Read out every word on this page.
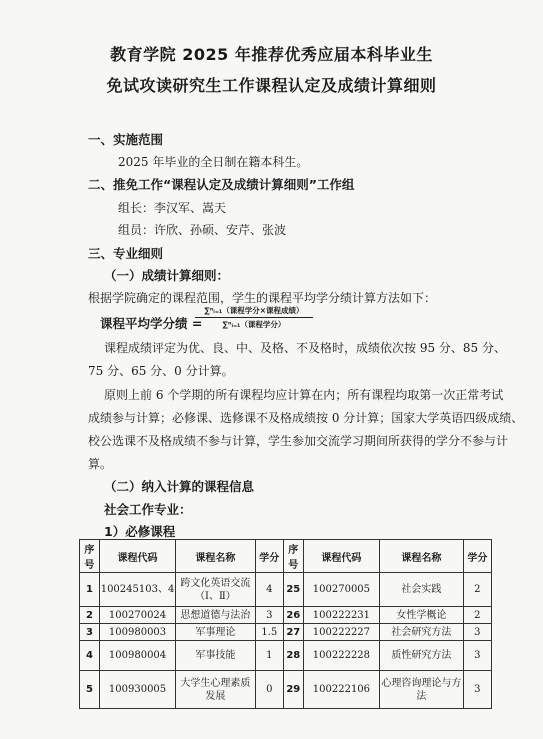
教育学院 2025 年推荐优秀应届本科毕业生
免试攻读研究生工作课程认定及成绩计算细则
一、实施范围
2025 年毕业的全日制在籍本科生。
二、推免工作“课程认定及成绩计算细则”工作组
组长：李汉军、嵩天
组员：许欣、孙硕、安芹、张波
三、专业细则
（一）成绩计算细则：
根据学院确定的课程范围，学生的课程平均学分绩计算方法如下：
课程平均学分绩 =
∑ⁿᵢ₌₁（课程学分×课程成绩）
∑ⁿᵢ₌₁（课程学分）
课程成绩评定为优、良、中、及格、不及格时，成绩依次按 95 分、85 分、
75 分、65 分、0 分计算。
原则上前 6 个学期的所有课程均应计算在内；所有课程均取第一次正常考试
成绩参与计算；必修课、选修课不及格成绩按 0 分计算；国家大学英语四级成绩、
校公选课不及格成绩不参与计算，学生参加交流学习期间所获得的学分不参与计
算。
（二）纳入计算的课程信息
社会工作专业：
1）必修课程
序号	课程代码	课程名称	学分	序号	课程代码	课程名称	学分
1	100245103、4	跨文化英语交流（Ⅰ、Ⅱ）	4	25	100270005	社会实践	2
2	100270024	思想道德与法治	3	26	100222231	女性学概论	2
3	100980003	军事理论	1.5	27	100222227	社会研究方法	3
4	100980004	军事技能	1	28	100222228	质性研究方法	3
5	100930005	大学生心理素质发展	0	29	100222106	心理咨询理论与方法	3
